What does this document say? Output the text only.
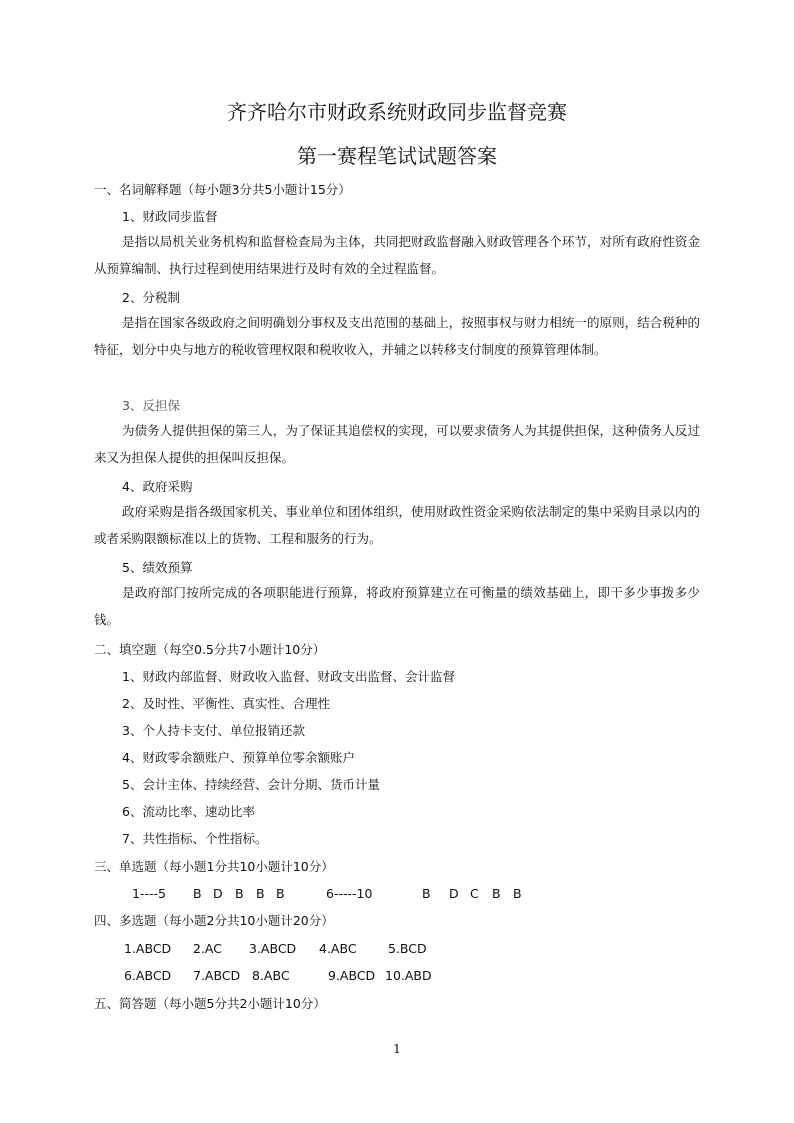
齐齐哈尔市财政系统财政同步监督竞赛
第一赛程笔试试题答案
一、名词解释题（每小题3分共5小题计15分）
1、财政同步监督
是指以局机关业务机构和监督检查局为主体，共同把财政监督融入财政管理各个环节，对所有政府性资金从预算编制、执行过程到使用结果进行及时有效的全过程监督。
2、分税制
是指在国家各级政府之间明确划分事权及支出范围的基础上，按照事权与财力相统一的原则，结合税种的特征，划分中央与地方的税收管理权限和税收收入，并辅之以转移支付制度的预算管理体制。
3、反担保
为债务人提供担保的第三人，为了保证其追偿权的实现，可以要求债务人为其提供担保，这种债务人反过来又为担保人提供的担保叫反担保。
4、政府采购
政府采购是指各级国家机关、事业单位和团体组织，使用财政性资金采购依法制定的集中采购目录以内的或者采购限额标准以上的货物、工程和服务的行为。
5、绩效预算
是政府部门按所完成的各项职能进行预算，将政府预算建立在可衡量的绩效基础上，即干多少事拨多少钱。
二、填空题（每空0.5分共7小题计10分）
1、财政内部监督、财政收入监督、财政支出监督、会计监督
2、及时性、平衡性、真实性、合理性
3、个人持卡支付、单位报销还款
4、财政零余额账户、预算单位零余额账户
5、会计主体、持续经营、会计分期、货币计量
6、流动比率、速动比率
7、共性指标、个性指标。
三、单选题（每小题1分共10小题计10分）
1----5 B D B B B	6-----10	B D C B B
四、多选题（每小题2分共10小题计20分）
1.ABCD 2.AC 3.ABCD 4.ABC	5.BCD
6.ABCD 7.ABCD 8.ABC	9.ABCD 10.ABD
五、简答题（每小题5分共2小题计10分）
1
